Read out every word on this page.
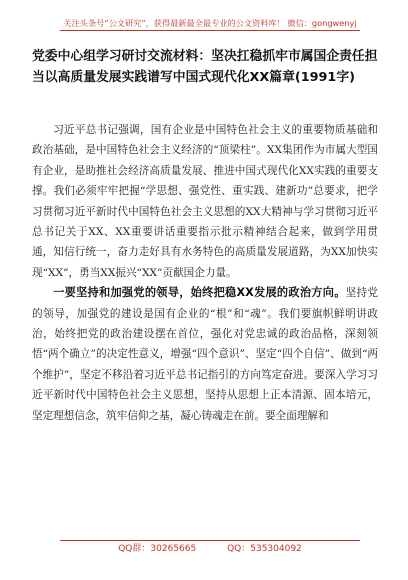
关注头条号“公文研究”，获得最新最全最专业的公文资料库！ 微信：gongwenyj
党委中心组学习研讨交流材料：坚决扛稳抓牢市属国企责任担当以高质量发展实践谱写中国式现代化XX篇章(1991字)

习近平总书记强调，国有企业是中国特色社会主义的重要物质基础和政治基础，是中国特色社会主义经济的“顶梁柱”。XX集团作为市属大型国有企业，是助推社会经济高质量发展、推进中国式现代化XX实践的重要支撑。我们必须牢牢把握“学思想、强党性、重实践、建新功”总要求，把学习贯彻习近平新时代中国特色社会主义思想的XX大精神与学习贯彻习近平总书记关于XX、XX重要讲话重要指示批示精神结合起来，做到学用贯通，知信行统一，奋力走好具有水务特色的高质量发展道路，为XX加快实现“XX”，勇当XX振兴“XX”贡献国企力量。

一要坚持和加强党的领导，始终把稳XX发展的政治方向。坚持党的领导，加强党的建设是国有企业的“根”和“魂”。我们要旗帜鲜明讲政治，始终把党的政治建设摆在首位，强化对党忠诚的政治品格，深刻领悟“两个确立”的决定性意义，增强“四个意识”、坚定“四个自信”、做到“两个维护”，坚定不移沿着习近平总书记指引的方向笃定奋进。要深入学习习近平新时代中国特色社会主义思想，坚持从思想上正本清源、固本培元，坚定理想信念，筑牢信仰之基，凝心铸魂走在前。要全面理解和

QQ群：30265665	QQ：535304092
